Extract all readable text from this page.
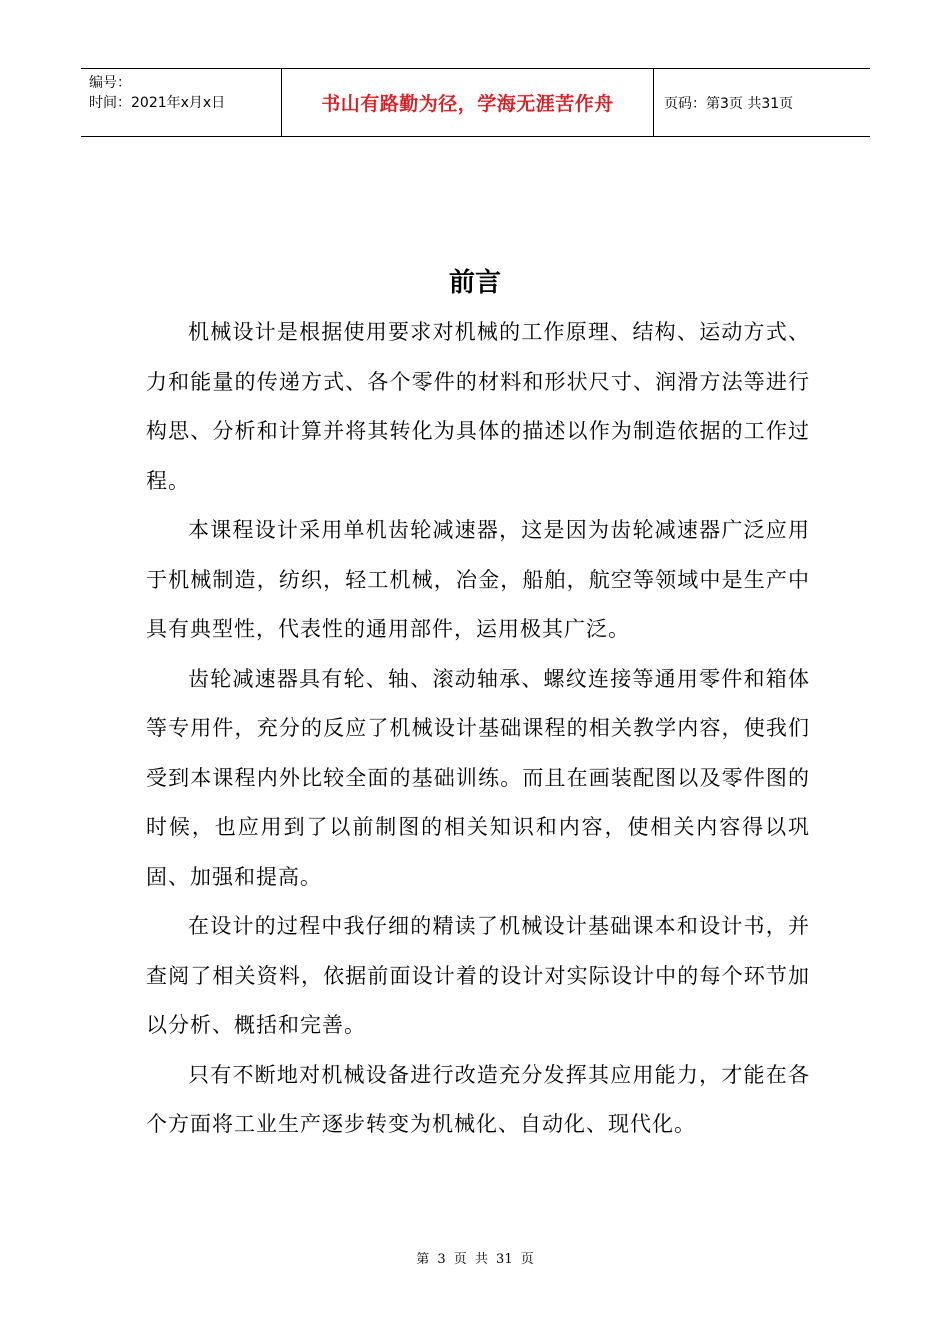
编号：
时间：2021年x月x日	书山有路勤为径，学海无涯苦作舟	页码：第3页 共31页
前言

机械设计是根据使用要求对机械的工作原理、结构、运动方式、力和能量的传递方式、各个零件的材料和形状尺寸、润滑方法等进行构思、分析和计算并将其转化为具体的描述以作为制造依据的工作过程。

本课程设计采用单机齿轮减速器，这是因为齿轮减速器广泛应用于机械制造，纺织，轻工机械，冶金，船舶，航空等领域中是生产中具有典型性，代表性的通用部件，运用极其广泛。

齿轮减速器具有轮、轴、滚动轴承、螺纹连接等通用零件和箱体等专用件，充分的反应了机械设计基础课程的相关教学内容，使我们受到本课程内外比较全面的基础训练。而且在画装配图以及零件图的时候，也应用到了以前制图的相关知识和内容，使相关内容得以巩固、加强和提高。

在设计的过程中我仔细的精读了机械设计基础课本和设计书，并查阅了相关资料，依据前面设计着的设计对实际设计中的每个环节加以分析、概括和完善。

只有不断地对机械设备进行改造充分发挥其应用能力，才能在各个方面将工业生产逐步转变为机械化、自动化、现代化。

第 3 页 共 31 页
